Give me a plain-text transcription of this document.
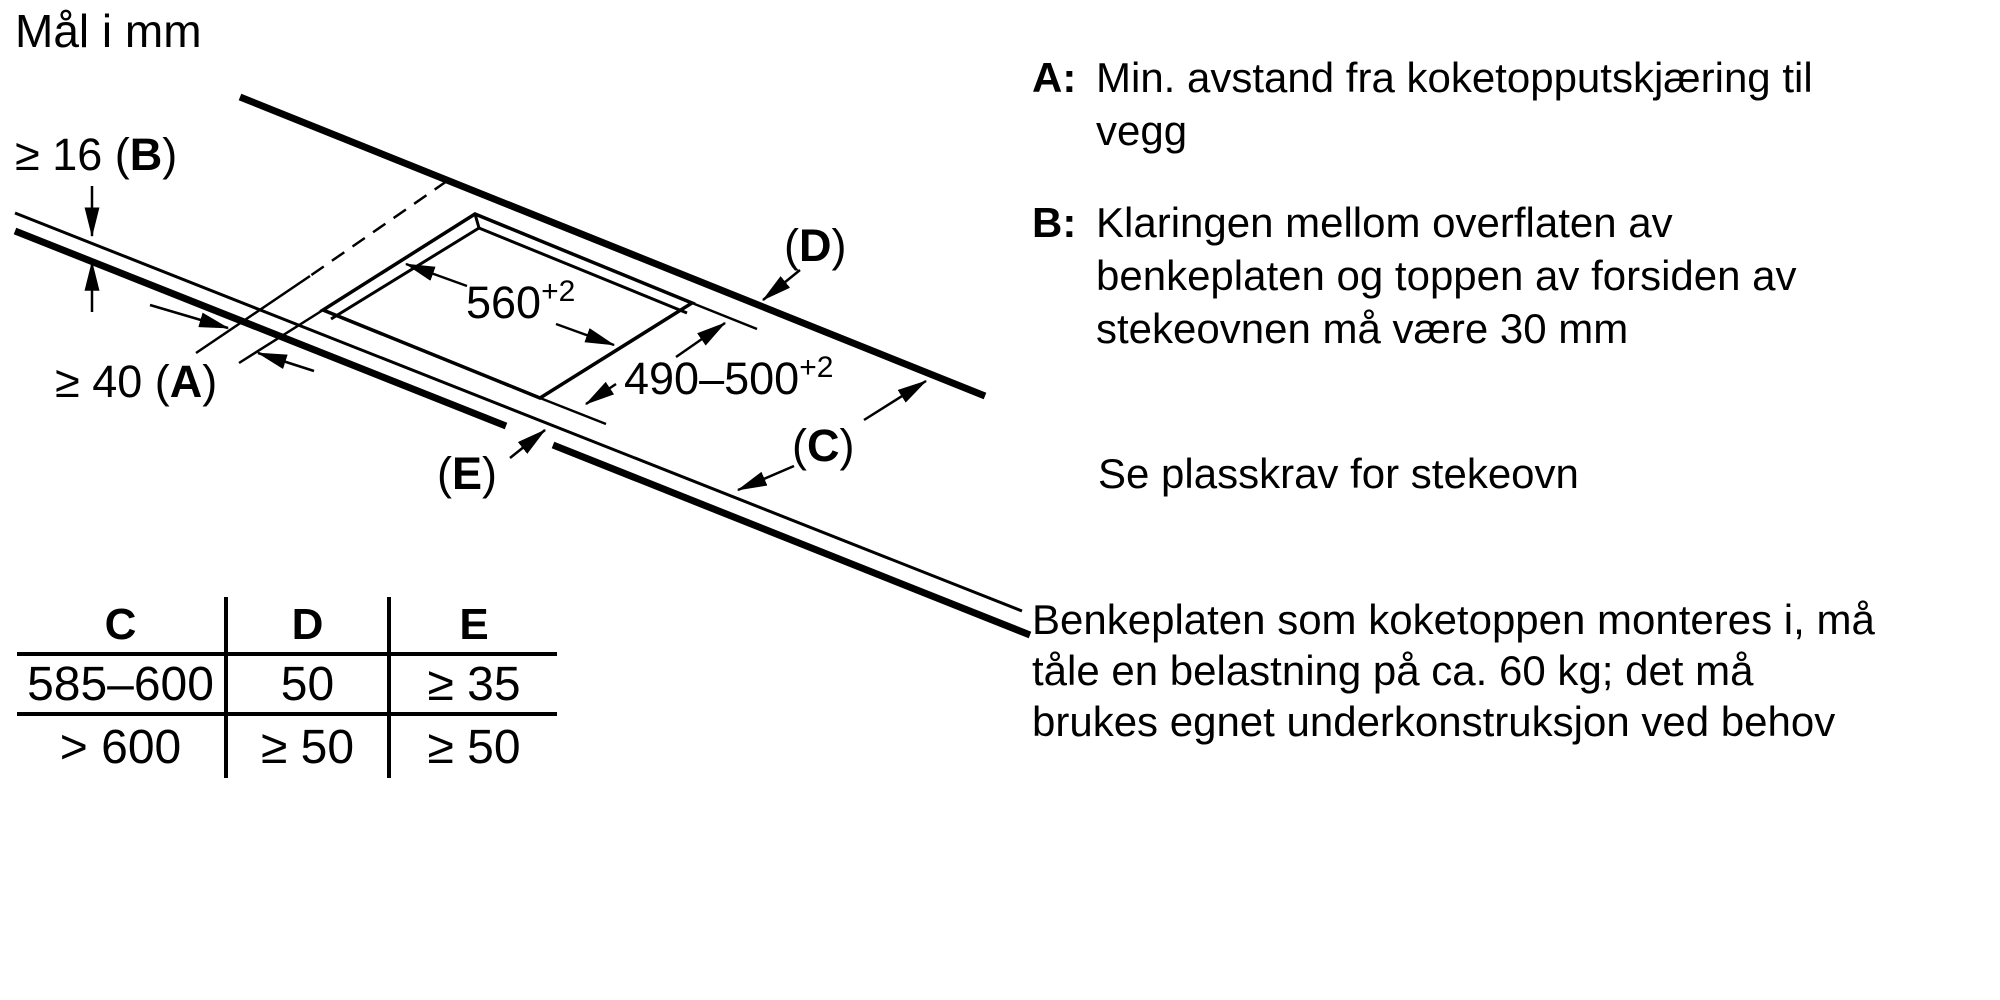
Mål i mm
≥ 16 (B)
≥ 40 (A)
$560^{+2}$
$490-500^{+2}$
(D)
(C)
(E)
C	D	E
585–600	50	≥ 35
> 600	≥ 50	≥ 50
A: Min. avstand fra koketopputskjæring til
vegg
B: Klaringen mellom overflaten av
benkeplaten og toppen av forsiden av
stekeovnen må være 30 mm
Se plasskrav for stekeovn
Benkeplaten som koketoppen monteres i, må
tåle en belastning på ca. 60 kg; det må
brukes egnet underkonstruksjon ved behov
